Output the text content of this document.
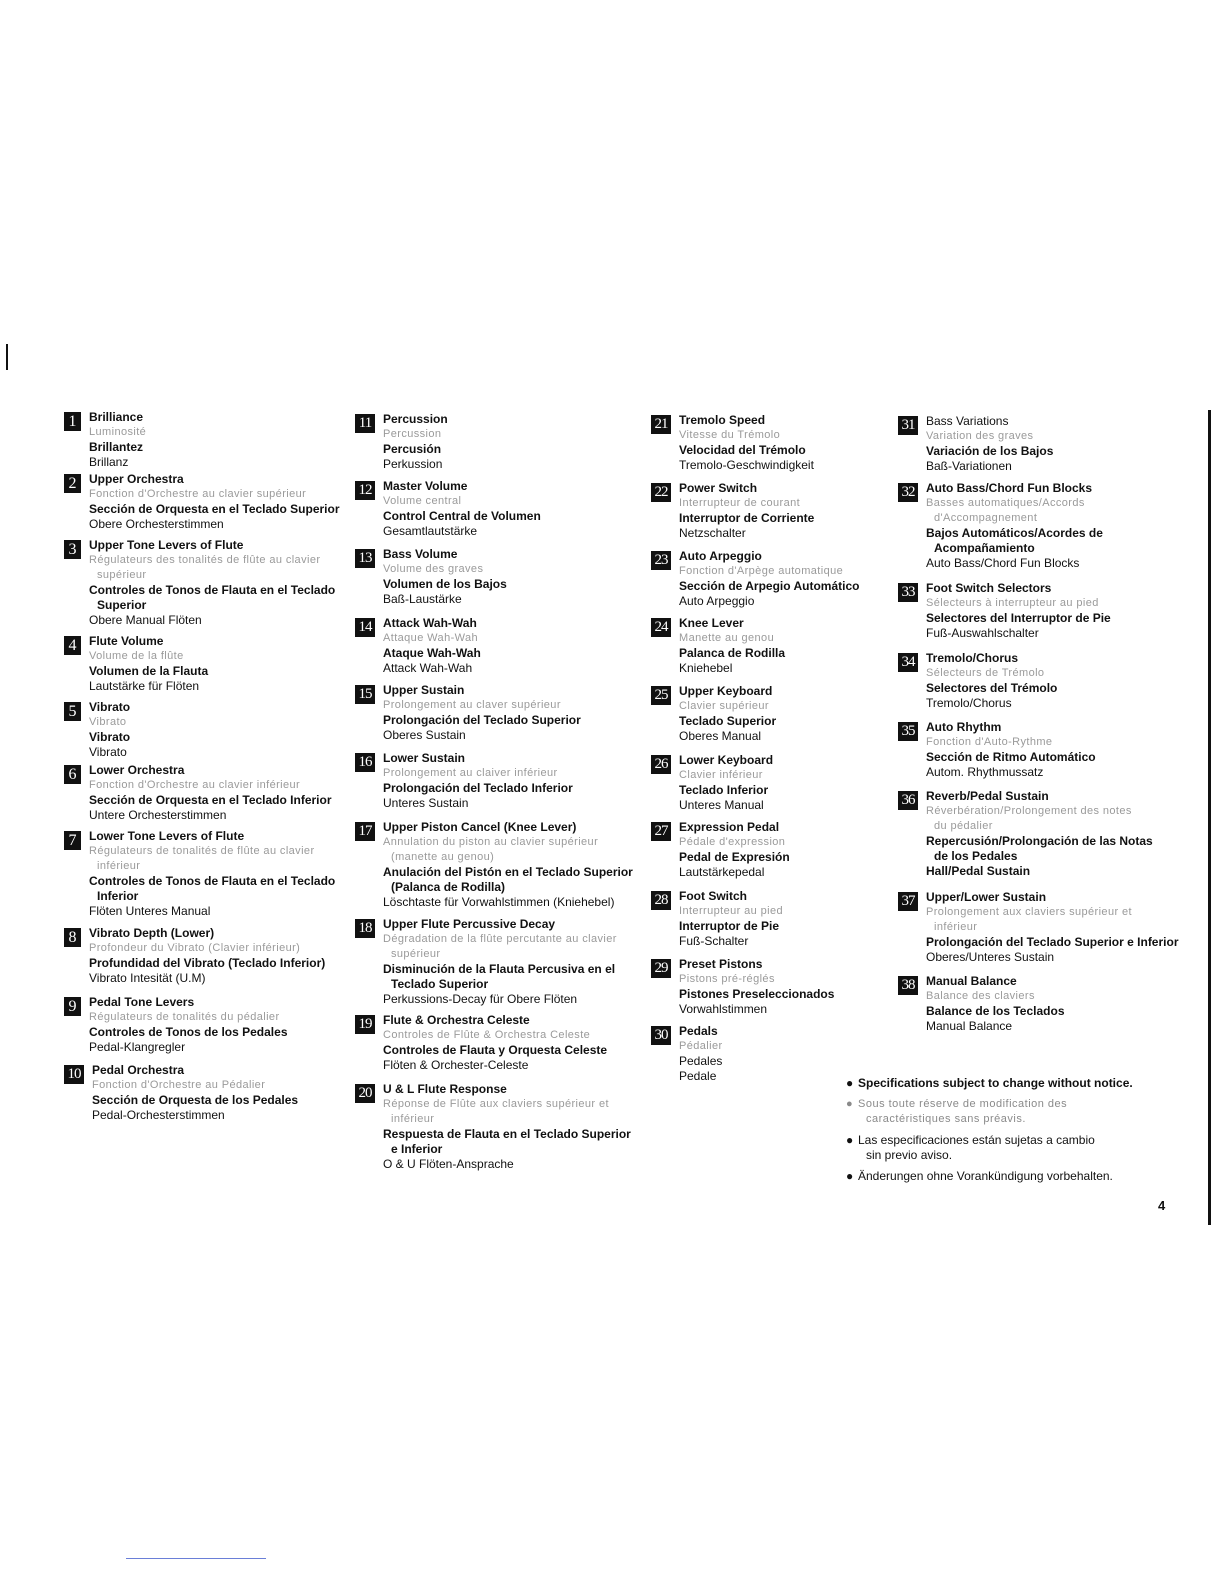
1	Brilliance
Luminosité
Brillantez
Brillanz
2	Upper Orchestra
Fonction d'Orchestre au clavier supérieur
Sección de Orquesta en el Teclado Superior
Obere Orchesterstimmen
3	Upper Tone Levers of Flute
Régulateurs des tonalités de flûte au clavier
supérieur
Controles de Tonos de Flauta en el Teclado
Superior
Obere Manual Flöten
4	Flute Volume
Volume de la flûte
Volumen de la Flauta
Lautstärke für Flöten
5	Vibrato
Vibrato
Vibrato
Vibrato
6	Lower Orchestra
Fonction d'Orchestre au clavier inférieur
Sección de Orquesta en el Teclado Inferior
Untere Orchesterstimmen
7	Lower Tone Levers of Flute
Régulateurs de tonalités de flûte au clavier
inférieur
Controles de Tonos de Flauta en el Teclado
Inferior
Flöten Unteres Manual
8	Vibrato Depth (Lower)
Profondeur du Vibrato (Clavier inférieur)
Profundidad del Vibrato (Teclado Inferior)
Vibrato Intesität (U.M)
9	Pedal Tone Levers
Régulateurs de tonalités du pédalier
Controles de Tonos de los Pedales
Pedal-Klangregler
10 Pedal Orchestra
Fonction d'Orchestre au Pédalier
Sección de Orquesta de los Pedales
Pedal-Orchesterstimmen
11 Percussion
Percussion
Percusión
Perkussion
12 Master Volume
Volume central
Control Central de Volumen
Gesamtlautstärke
13 Bass Volume
Volume des graves
Volumen de los Bajos
Baß-Laustärke
14 Attack Wah-Wah
Attaque Wah-Wah
Ataque Wah-Wah
Attack Wah-Wah
15 Upper Sustain
Prolongement au claver supérieur
Prolongación del Teclado Superior
Oberes Sustain
16 Lower Sustain
Prolongement au claiver inférieur
Prolongación del Teclado Inferior
Unteres Sustain
17 Upper Piston Cancel (Knee Lever)
Annulation du piston au clavier supérieur
(manette au genou)
Anulación del Pistón en el Teclado Superior
(Palanca de Rodilla)
Löschtaste für Vorwahlstimmen (Kniehebel)
18 Upper Flute Percussive Decay
Dégradation de la flûte percutante au clavier
supérieur
Disminución de la Flauta Percusiva en el
Teclado Superior
Perkussions-Decay für Obere Flöten
19 Flute & Orchestra Celeste
Controles de Flûte & Orchestra Celeste
Controles de Flauta y Orquesta Celeste
Flöten & Orchester-Celeste
20 U & L Flute Response
Réponse de Flûte aux claviers supérieur et
inférieur
Respuesta de Flauta en el Teclado Superior
e Inferior
O & U Flöten-Ansprache
21 Tremolo Speed
Vitesse du Trémolo
Velocidad del Trémolo
Tremolo-Geschwindigkeit
22 Power Switch
Interrupteur de courant
Interruptor de Corriente
Netzschalter
23 Auto Arpeggio
Fonction d'Arpège automatique
Sección de Arpegio Automático
Auto Arpeggio
24 Knee Lever
Manette au genou
Palanca de Rodilla
Kniehebel
25 Upper Keyboard
Clavier supérieur
Teclado Superior
Oberes Manual
26 Lower Keyboard
Clavier inférieur
Teclado Inferior
Unteres Manual
27 Expression Pedal
Pédale d'expression
Pedal de Expresión
Lautstärkepedal
28 Foot Switch
Interrupteur au pied
Interruptor de Pie
Fuß-Schalter
29 Preset Pistons
Pistons pré-réglés
Pistones Preseleccionados
Vorwahlstimmen
30 Pedals
Pédalier
Pedales
Pedale
31 Bass Variations
Variation des graves
Variación de los Bajos
Baß-Variationen
32 Auto Bass/Chord Fun Blocks
Basses automatiques/Accords
d'Accompagnement
Bajos Automáticos/Acordes de
Acompañamiento
Auto Bass/Chord Fun Blocks
33 Foot Switch Selectors
Sélecteurs à interrupteur au pied
Selectores del Interruptor de Pie
Fuß-Auswahlschalter
34 Tremolo/Chorus
Sélecteurs de Trémolo
Selectores del Trémolo
Tremolo/Chorus
35 Auto Rhythm
Fonction d'Auto-Rythme
Sección de Ritmo Automático
Autom. Rhythmussatz
36 Reverb/Pedal Sustain
Réverbération/Prolongement des notes
du pédalier
Repercusión/Prolongación de las Notas
de los Pedales
Hall/Pedal Sustain
37 Upper/Lower Sustain
Prolongement aux claviers supérieur et
inférieur
Prolongación del Teclado Superior e Inferior
Oberes/Unteres Sustain
38 Manual Balance
Balance des claviers
Balance de los Teclados
Manual Balance
● Specifications subject to change without notice.
● Sous toute réserve de modification des
caractéristiques sans préavis.
● Las especificaciones están sujetas a cambio
sin previo aviso.
● Änderungen ohne Vorankündigung vorbehalten.
4
